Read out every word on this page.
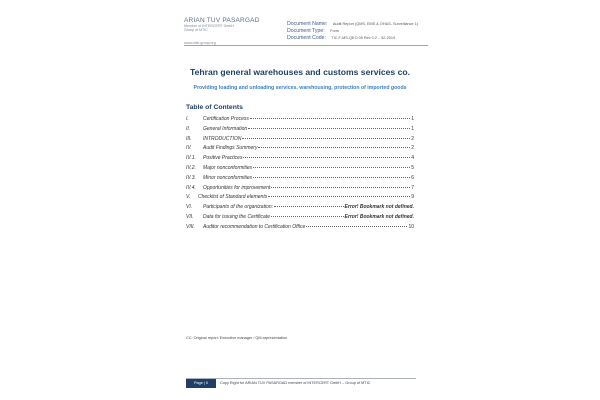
ARIAN TUV PASARGAD
Member of INTERCERT GmbH
Group of MTIC
www.mtic-group.org
Document Name: Audit Report (QMS, EMS & OH&S- Surveillance 1)
Document Type: Form
Document Code: TIC.F-MS-QEO.05 Rev 0.2 – 52-2019
Tehran general warehouses and customs services co.
Providing loading and unloading services, warehousing, protection of imported goods
Table of Contents
I.	Certification Process	1
II.	General Information	1
III. INTRODUCTION	2
IV. Audit Findings Summery	2
IV.1. Positive Practices	4
IV.2. Major nonconformities	5
IV.3. Minor nonconformities	6
IV.4. Opportunities for improvement	7
V. Checklist of Standard elements	9
VI. Participants of the organization:	Error! Bookmark not defined.
VII. Data for issuing the Certificate	Error! Bookmark not defined.
VIII. Auditor recommendation to Certification Office	10
CC: Original report: Executive manager / QM-representation
Page | 0	Copy Right for ARIAN TUV PASARGAD member of INTERCERT GmbH – Group of MTIC
